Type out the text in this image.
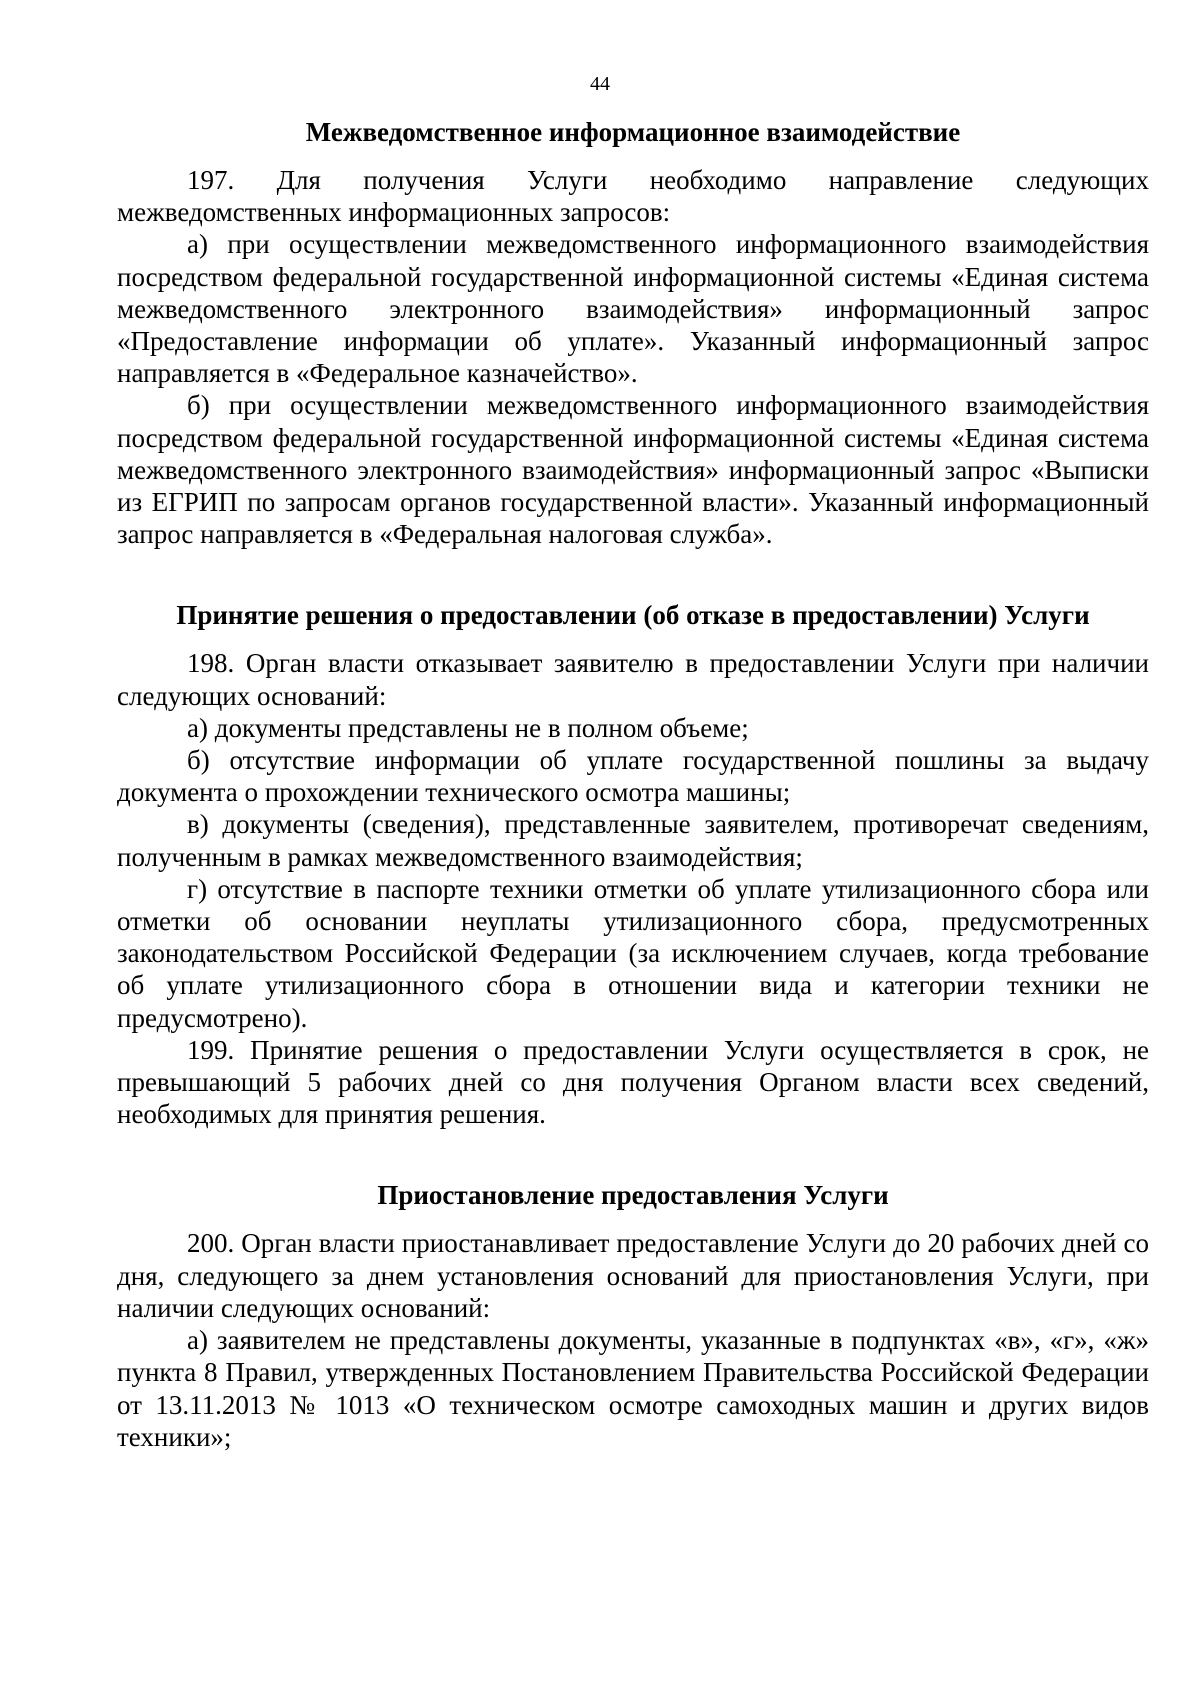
44
Межведомственное информационное взаимодействие

197. Для получения Услуги необходимо направление следующих межведомственных информационных запросов:

а) при осуществлении межведомственного информационного взаимодействия посредством федеральной государственной информационной системы «Единая система межведомственного электронного взаимодействия» информационный запрос «Предоставление информации об уплате». Указанный информационный запрос направляется в «Федеральное казначейство».

б) при осуществлении межведомственного информационного взаимодействия посредством федеральной государственной информационной системы «Единая система межведомственного электронного взаимодействия» информационный запрос «Выписки из ЕГРИП по запросам органов государственной власти». Указанный информационный запрос направляется в «Федеральная налоговая служба».

Принятие решения о предоставлении (об отказе в предоставлении) Услуги

198. Орган власти отказывает заявителю в предоставлении Услуги при наличии следующих оснований:

а) документы представлены не в полном объеме;

б) отсутствие информации об уплате государственной пошлины за выдачу документа о прохождении технического осмотра машины;

в) документы (сведения), представленные заявителем, противоречат сведениям, полученным в рамках межведомственного взаимодействия;

г) отсутствие в паспорте техники отметки об уплате утилизационного сбора или отметки об основании неуплаты утилизационного сбора, предусмотренных законодательством Российской Федерации (за исключением случаев, когда требование об уплате утилизационного сбора в отношении вида и категории техники не предусмотрено).

199. Принятие решения о предоставлении Услуги осуществляется в срок, не превышающий 5 рабочих дней со дня получения Органом власти всех сведений, необходимых для принятия решения.

Приостановление предоставления Услуги

200. Орган власти приостанавливает предоставление Услуги до 20 рабочих дней со дня, следующего за днем установления оснований для приостановления Услуги, при наличии следующих оснований:

а) заявителем не представлены документы, указанные в подпунктах «в», «г», «ж» пункта 8 Правил, утвержденных Постановлением Правительства Российской Федерации от 13.11.2013 № 1013 «О техническом осмотре самоходных машин и других видов техники»;
